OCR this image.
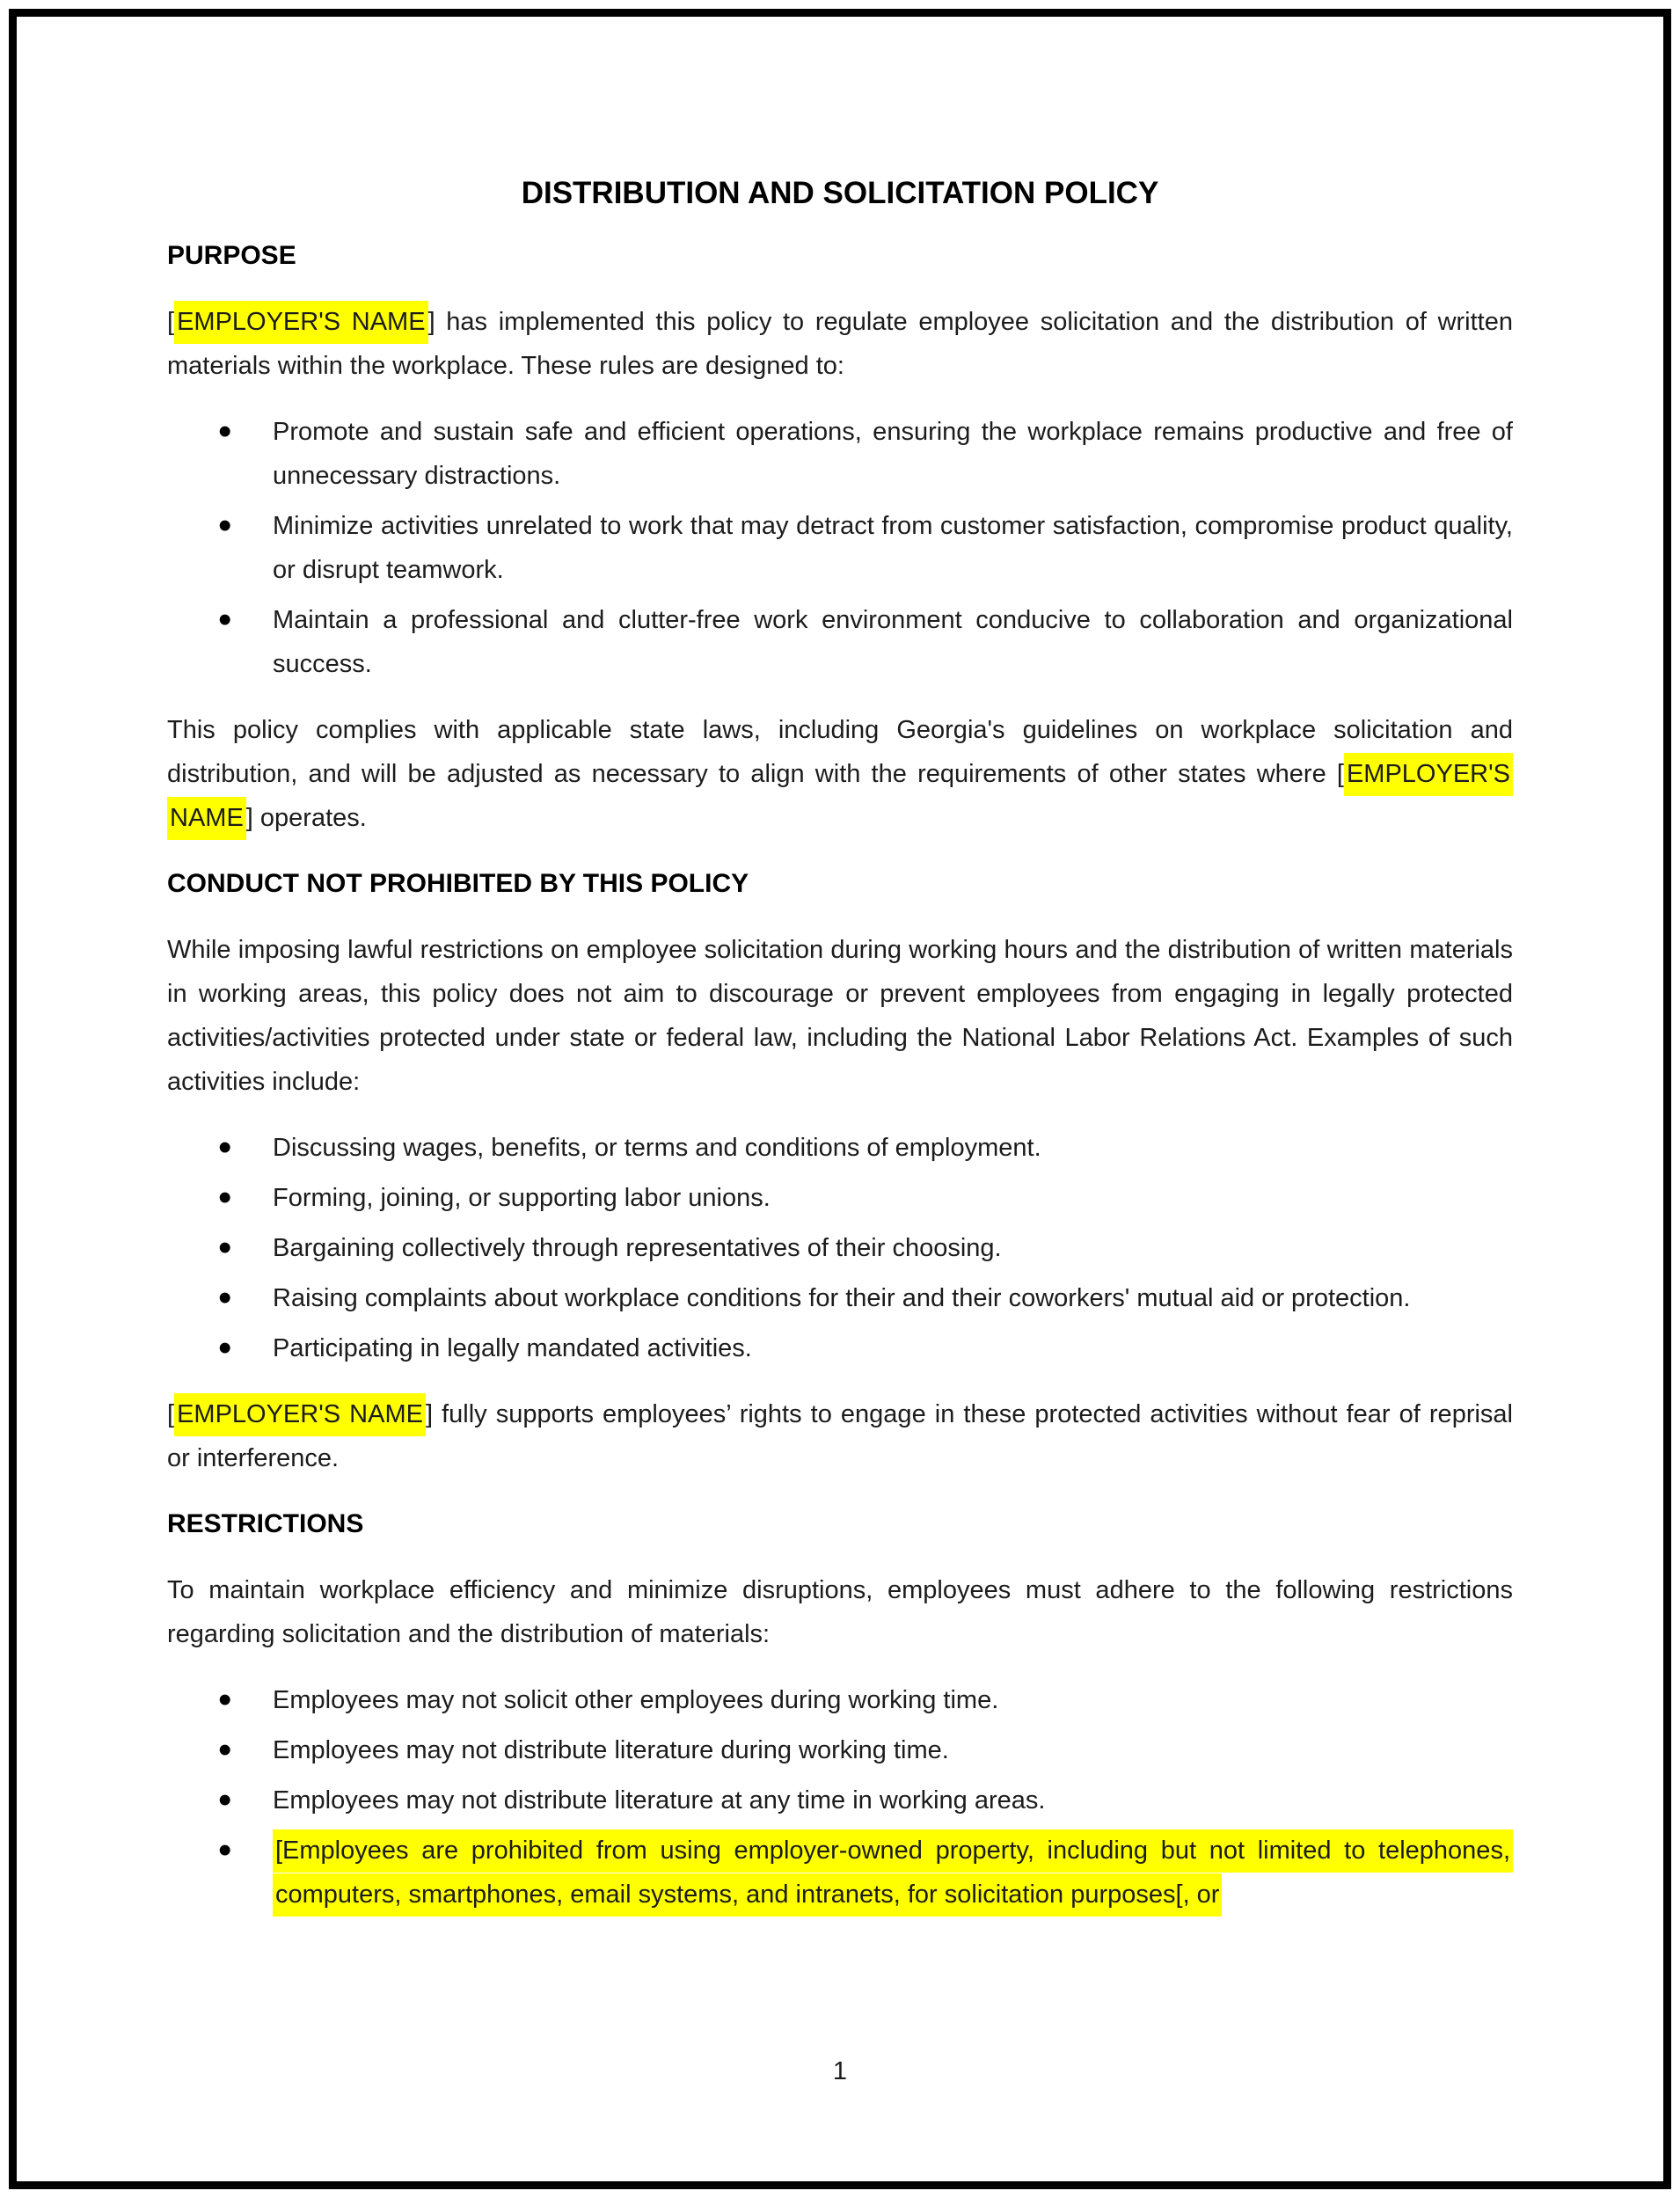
DISTRIBUTION AND SOLICITATION POLICY
PURPOSE

[ EMPLOYER'S NAME ] has implemented this policy to regulate employee solicitation and the distribution of written materials within the workplace. These rules are designed to:

•	Promote and sustain safe and efficient operations, ensuring the workplace remains productive and free of unnecessary distractions.
•	Minimize activities unrelated to work that may detract from customer satisfaction, compromise product quality, or disrupt teamwork.
•	Maintain a professional and clutter-free work environment conducive to collaboration and organizational success.

This policy complies with applicable state laws, including Georgia's guidelines on workplace solicitation and distribution, and will be adjusted as necessary to align with the requirements of other states where [ EMPLOYER'S NAME ] operates.

CONDUCT NOT PROHIBITED BY THIS POLICY

While imposing lawful restrictions on employee solicitation during working hours and the distribution of written materials in working areas, this policy does not aim to discourage or prevent employees from engaging in legally protected activities/activities protected under state or federal law, including the National Labor Relations Act. Examples of such activities include:

•	Discussing wages, benefits, or terms and conditions of employment.
•	Forming, joining, or supporting labor unions.
•	Bargaining collectively through representatives of their choosing.
•	Raising complaints about workplace conditions for their and their coworkers' mutual aid or protection.
•	Participating in legally mandated activities.

[ EMPLOYER'S NAME ] fully supports employees’ rights to engage in these protected activities without fear of reprisal or interference.

RESTRICTIONS

To maintain workplace efficiency and minimize disruptions, employees must adhere to the following restrictions regarding solicitation and the distribution of materials:

•	Employees may not solicit other employees during working time.
•	Employees may not distribute literature during working time.
•	Employees may not distribute literature at any time in working areas.
•	[Employees are prohibited from using employer-owned property, including but not limited to telephones, computers, smartphones, email systems, and intranets, for solicitation purposes[, or
1
